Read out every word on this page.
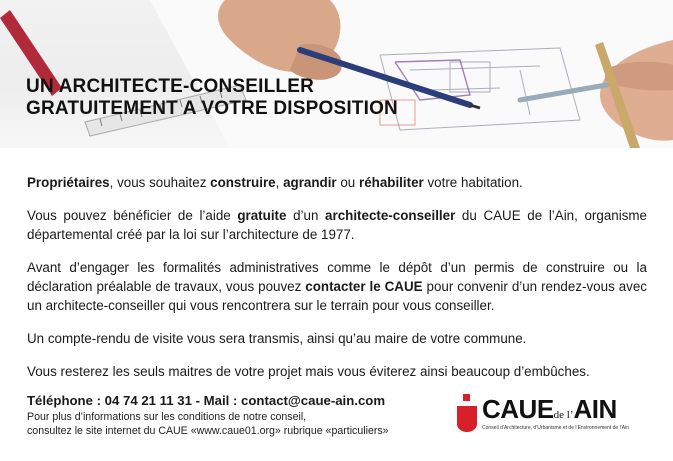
UN ARCHITECTE-CONSEILLER
GRATUITEMENT A VOTRE DISPOSITION

Propriétaires, vous souhaitez construire, agrandir ou réhabiliter votre habitation.

Vous pouvez bénéficier de l’aide gratuite d’un architecte-conseiller du CAUE de l’Ain, organisme départemental créé par la loi sur l’architecture de 1977.

Avant d’engager les formalités administratives comme le dépôt d’un permis de construire ou la déclaration préalable de travaux, vous pouvez contacter le CAUE pour convenir d’un rendez-vous avec un architecte-conseiller qui vous rencontrera sur le terrain pour vous conseiller.

Un compte-rendu de visite vous sera transmis, ainsi qu’au maire de votre commune.

Vous resterez les seuls maitres de votre projet mais vous éviterez ainsi beaucoup d’embûches.

Téléphone : 04 74 21 11 31 - Mail : contact@caue-ain.com
Pour plus d’informations sur les conditions de notre conseil,
consultez le site internet du CAUE «www.caue01.org» rubrique «particuliers»
CAUEde l’AIN
Conseil d’Architecture, d’Urbanisme et de l’Environnement de l’Ain
